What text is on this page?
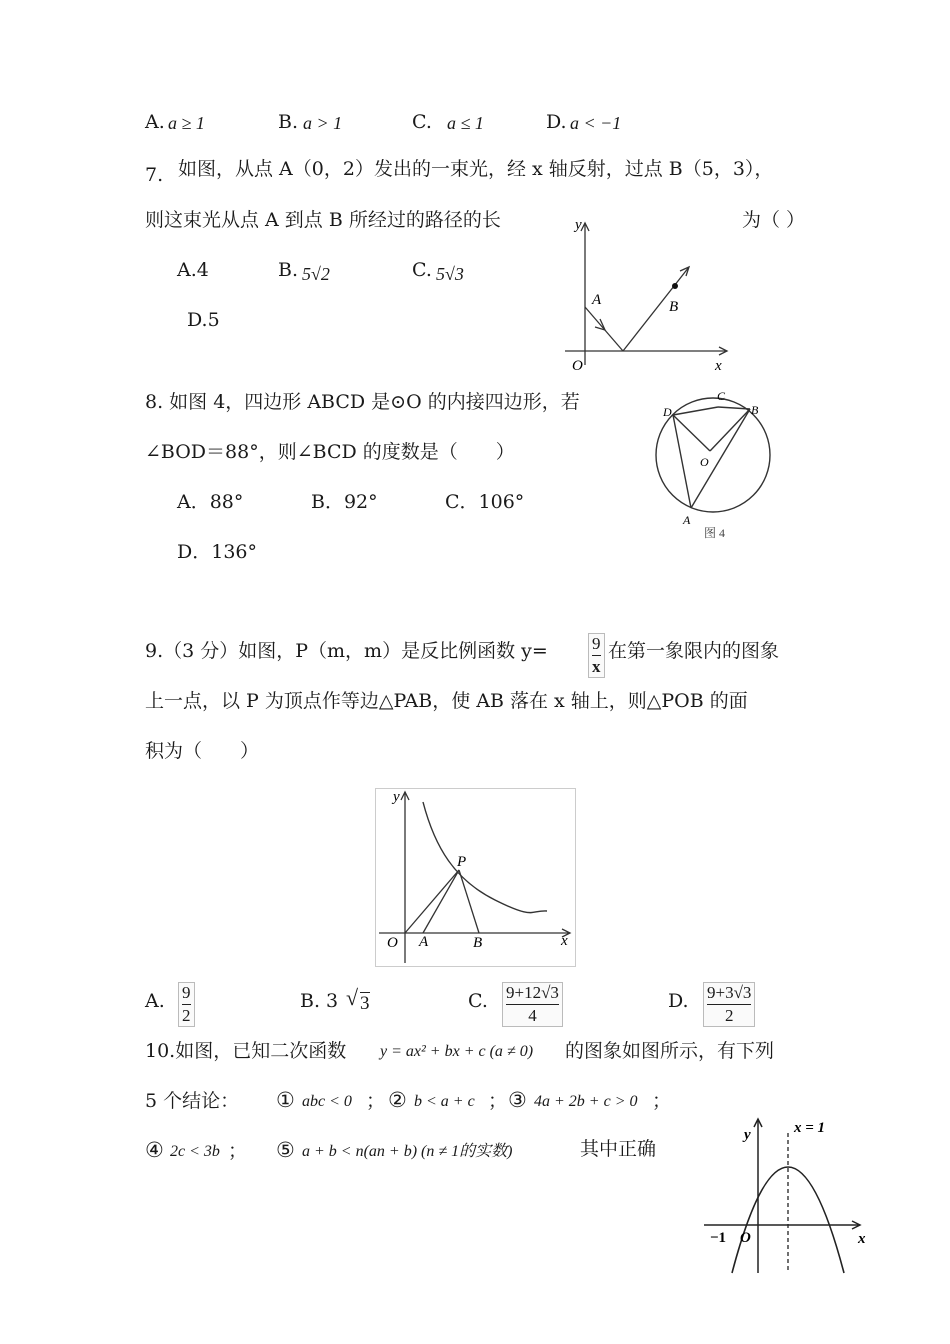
A. a ≥ 1	B. a > 1	C. a ≤ 1	D. a < −1
7. 如图，从点 A（0，2）发出的一束光，经 x 轴反射，过点 B（5，3），
则这束光从点 A 到点 B 所经过的路径的长	为（ ）
A.4	B. 5√2	C. 5√3
D.5
y
x
O
A	B
8. 如图 4，四边形 ABCD 是⊙O 的内接四边形，若
∠BOD＝88°，则∠BCD 的度数是（　　）
A．88°	B．92°	C．106°
D．136°
D
C
B
O
A
图 4
9.（3 分）如图，P（m，m）是反比例函数 y=	9
x
在第一象限内的图象
上一点，以 P 为顶点作等边△PAB，使 AB 落在 x 轴上，则△POB 的面
积为（　　）
y
x
O A	B
P
A. 9
2
B. 3 √ 3	C. 9+12√3
4
D. 9+3√3
2
10.如图，已知二次函数 y = ax² + bx + c (a ≠ 0) 的图象如图所示，有下列
5 个结论： ① abc < 0 ； ② b < a + c ； ③ 4a + 2b + c > 0 ；
④ 2c < 3b ； ⑤ a + b < n(an + b) (n ≠ 1的实数)	其中正确
y
x
O
−1
x = 1
